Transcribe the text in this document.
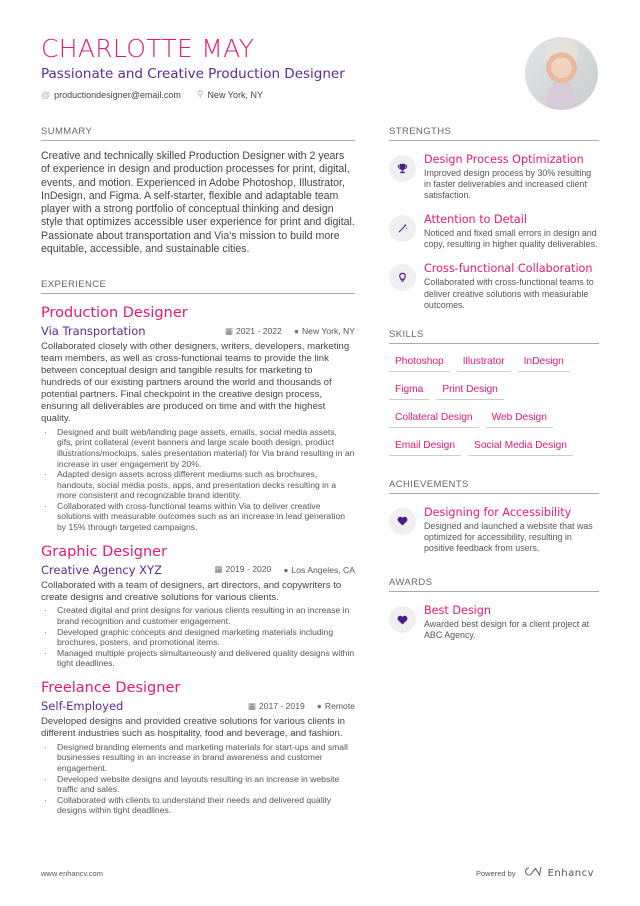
CHARLOTTE MAY
Passionate and Creative Production Designer
@ productiondesigner@email.com ⚲ New York, NY
SUMMARY
Creative and technically skilled Production Designer with 2 years of experience in design and production processes for print, digital, events, and motion. Experienced in Adobe Photoshop, Illustrator, InDesign, and Figma. A self-starter, flexible and adaptable team player with a strong portfolio of conceptual thinking and design style that optimizes accessible user experience for print and digital. Passionate about transportation and Via's mission to build more equitable, accessible, and sustainable cities.
EXPERIENCE
Production Designer
Via Transportation	▦ 2021 - 2022 ● New York, NY
Collaborated closely with other designers, writers, developers, marketing team members, as well as cross-functional teams to provide the link between conceptual design and tangible results for marketing to hundreds of our existing partners around the world and thousands of potential partners. Final checkpoint in the creative design process, ensuring all deliverables are produced on time and with the highest quality.
· Designed and built web/landing page assets, emails, social media assets, gifs, print collateral (event banners and large scale booth design, product illustrations/mockups, sales presentation material) for Via brand resulting in an increase in user engagement by 20%.
· Adapted design assets across different mediums such as brochures, handouts, social media posts, apps, and presentation decks resulting in a more consistent and recognizable brand identity.
· Collaborated with cross-functional teams within Via to deliver creative solutions with measurable outcomes such as an increase in lead generation by 15% through targeted campaigns.
Graphic Designer
Creative Agency XYZ	▦ 2019 - 2020 ● Los Angeles, CA
Collaborated with a team of designers, art directors, and copywriters to create designs and creative solutions for various clients.
· Created digital and print designs for various clients resulting in an increase in brand recognition and customer engagement.
· Developed graphic concepts and designed marketing materials including brochures, posters, and promotional items.
· Managed multiple projects simultaneously and delivered quality designs within tight deadlines.
Freelance Designer
Self-Employed	▦ 2017 - 2019 ● Remote
Developed designs and provided creative solutions for various clients in different industries such as hospitality, food and beverage, and fashion.
· Designed branding elements and marketing materials for start-ups and small businesses resulting in an increase in brand awareness and customer engagement.
· Developed website designs and layouts resulting in an increase in website traffic and sales.
· Collaborated with clients to understand their needs and delivered quality designs within tight deadlines.
STRENGTHS
Design Process Optimization
Improved design process by 30% resulting in faster deliverables and increased client satisfaction.
Attention to Detail
Noticed and fixed small errors in design and copy, resulting in higher quality deliverables.
Cross-functional Collaboration
Collaborated with cross-functional teams to deliver creative solutions with measurable outcomes.
SKILLS
Photoshop	Illustrator	InDesign
Figma	Print Design
Collateral Design	Web Design
Email Design	Social Media Design
ACHIEVEMENTS
Designing for Accessibility
Designed and launched a website that was optimized for accessibility, resulting in positive feedback from users.
AWARDS
Best Design
Awarded best design for a client project at ABC Agency.
www.enhancv.com	Powered by	Enhancv
